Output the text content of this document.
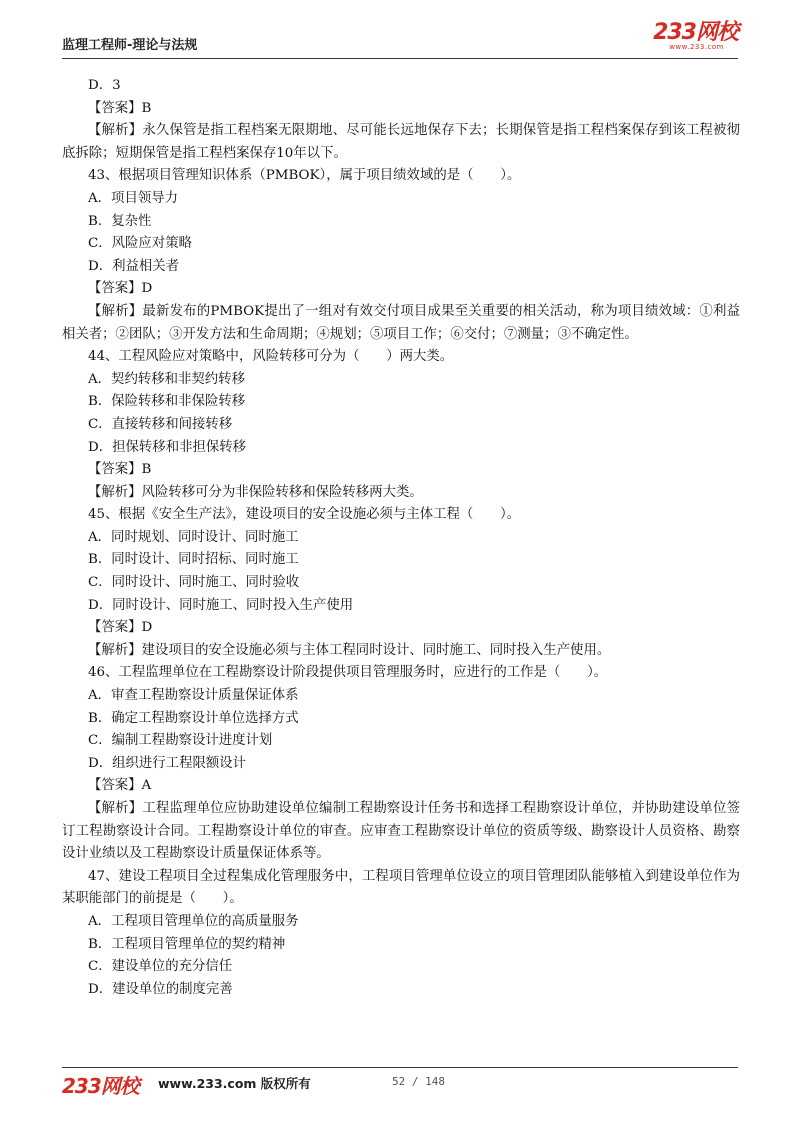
监理工程师-理论与法规
233网校
www.233.com
D．3
【答案】B
【解析】永久保管是指工程档案无限期地、尽可能长远地保存下去；长期保管是指工程档案保存到该工程被彻底拆除；短期保管是指工程档案保存10年以下。
43、根据项目管理知识体系（PMBOK），属于项目绩效域的是（　　）。
A．项目领导力
B．复杂性
C．风险应对策略
D．利益相关者
【答案】D
【解析】最新发布的PMBOK提出了一组对有效交付项目成果至关重要的相关活动，称为项目绩效域：①利益相关者；②团队；③开发方法和生命周期；④规划；⑤项目工作；⑥交付；⑦测量；③不确定性。
44、工程风险应对策略中，风险转移可分为（　　）两大类。
A．契约转移和非契约转移
B．保险转移和非保险转移
C．直接转移和间接转移
D．担保转移和非担保转移
【答案】B
【解析】风险转移可分为非保险转移和保险转移两大类。
45、根据《安全生产法》，建设项目的安全设施必须与主体工程（　　）。
A．同时规划、同时设计、同时施工
B．同时设计、同时招标、同时施工
C．同时设计、同时施工、同时验收
D．同时设计、同时施工、同时投入生产使用
【答案】D
【解析】建设项目的安全设施必须与主体工程同时设计、同时施工、同时投入生产使用。
46、工程监理单位在工程勘察设计阶段提供项目管理服务时，应进行的工作是（　　）。
A．审查工程勘察设计质量保证体系
B．确定工程勘察设计单位选择方式
C．编制工程勘察设计进度计划
D．组织进行工程限额设计
【答案】A
【解析】工程监理单位应协助建设单位编制工程勘察设计任务书和选择工程勘察设计单位，并协助建设单位签订工程勘察设计合同。工程勘察设计单位的审查。应审查工程勘察设计单位的资质等级、勘察设计人员资格、勘察设计业绩以及工程勘察设计质量保证体系等。
47、建设工程项目全过程集成化管理服务中，工程项目管理单位设立的项目管理团队能够植入到建设单位作为某职能部门的前提是（　　）。
A．工程项目管理单位的高质量服务
B．工程项目管理单位的契约精神
C．建设单位的充分信任
D．建设单位的制度完善
233网校 www.233.com 版权所有	52 / 148
